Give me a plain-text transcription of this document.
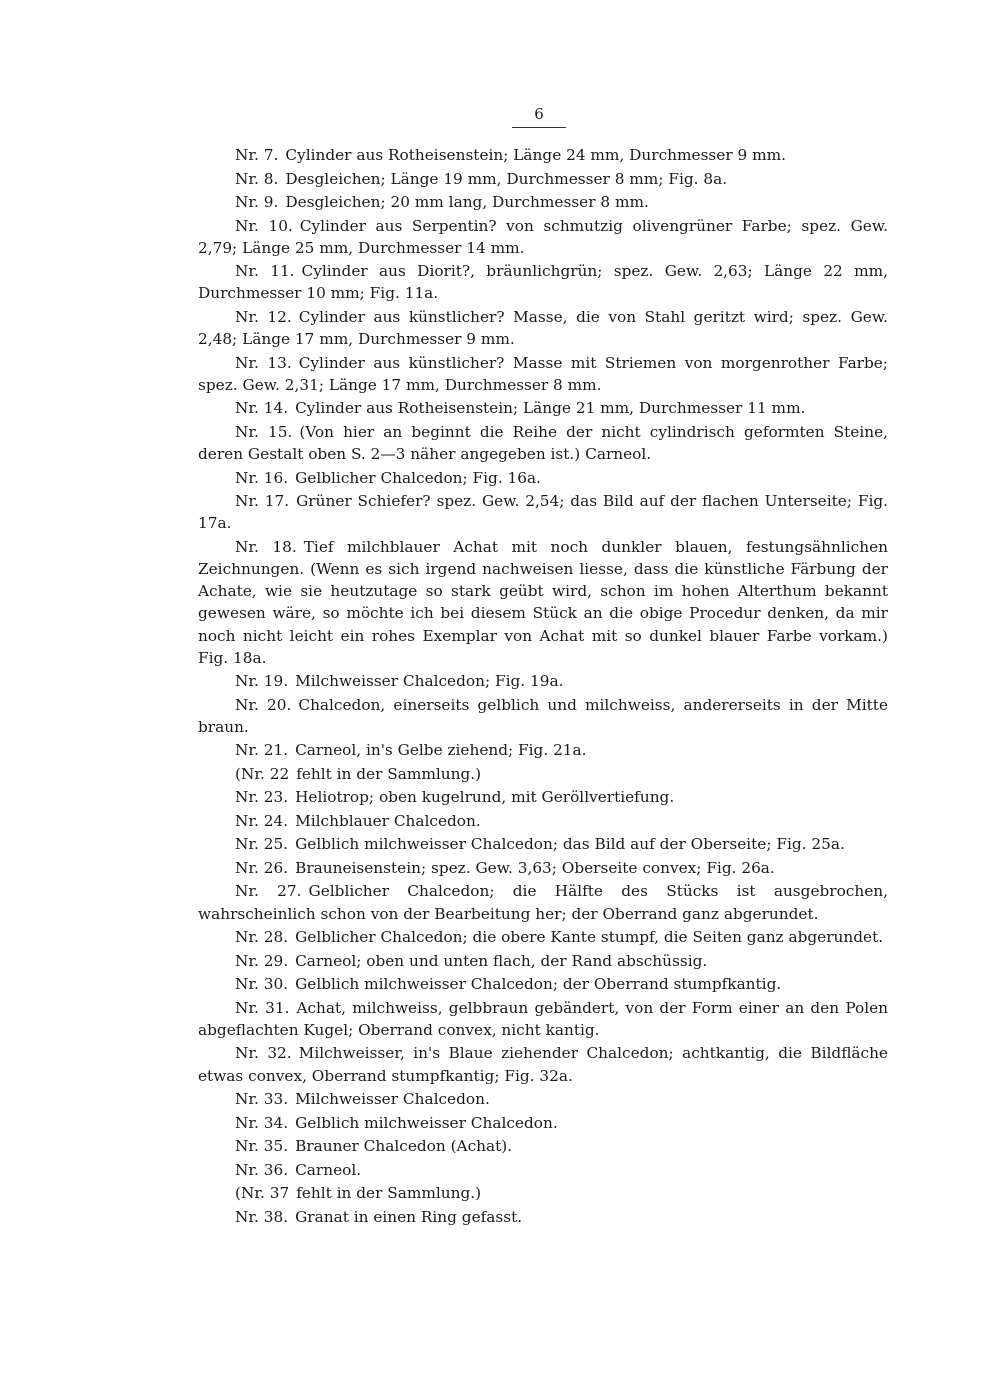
6

Nr. 7. Cylinder aus Rotheisenstein; Länge 24 mm, Durchmesser 9 mm.

Nr. 8. Desgleichen; Länge 19 mm, Durchmesser 8 mm; Fig. 8a.

Nr. 9. Desgleichen; 20 mm lang, Durchmesser 8 mm.

Nr. 10. Cylinder aus Serpentin? von schmutzig olivengrüner Farbe; spez. Gew. 2,79; Länge 25 mm, Durchmesser 14 mm.

Nr. 11. Cylinder aus Diorit?, bräunlichgrün; spez. Gew. 2,63; Länge 22 mm, Durchmesser 10 mm; Fig. 11a.

Nr. 12. Cylinder aus künstlicher? Masse, die von Stahl geritzt wird; spez. Gew. 2,48; Länge 17 mm, Durchmesser 9 mm.

Nr. 13. Cylinder aus künstlicher? Masse mit Striemen von morgenrother Farbe; spez. Gew. 2,31; Länge 17 mm, Durchmesser 8 mm.

Nr. 14. Cylinder aus Rotheisenstein; Länge 21 mm, Durchmesser 11 mm.

Nr. 15. (Von hier an beginnt die Reihe der nicht cylindrisch geformten Steine, deren Gestalt oben S. 2—3 näher angegeben ist.) Carneol.

Nr. 16. Gelblicher Chalcedon; Fig. 16a.

Nr. 17. Grüner Schiefer? spez. Gew. 2,54; das Bild auf der flachen Unterseite; Fig. 17a.

Nr. 18. Tief milchblauer Achat mit noch dunkler blauen, festungsähnlichen Zeichnungen. (Wenn es sich irgend nachweisen liesse, dass die künstliche Färbung der Achate, wie sie heutzutage so stark geübt wird, schon im hohen Alterthum bekannt gewesen wäre, so möchte ich bei diesem Stück an die obige Procedur denken, da mir noch nicht leicht ein rohes Exemplar von Achat mit so dunkel blauer Farbe vorkam.) Fig. 18a.

Nr. 19. Milchweisser Chalcedon; Fig. 19a.

Nr. 20. Chalcedon, einerseits gelblich und milchweiss, andererseits in der Mitte braun.

Nr. 21. Carneol, in's Gelbe ziehend; Fig. 21a.

(Nr. 22 fehlt in der Sammlung.)

Nr. 23. Heliotrop; oben kugelrund, mit Geröllvertiefung.

Nr. 24. Milchblauer Chalcedon.

Nr. 25. Gelblich milchweisser Chalcedon; das Bild auf der Oberseite; Fig. 25a.

Nr. 26. Brauneisenstein; spez. Gew. 3,63; Oberseite convex; Fig. 26a.

Nr. 27. Gelblicher Chalcedon; die Hälfte des Stücks ist ausgebrochen, wahrscheinlich schon von der Bearbeitung her; der Oberrand ganz abgerundet.

Nr. 28. Gelblicher Chalcedon; die obere Kante stumpf, die Seiten ganz abgerundet.

Nr. 29. Carneol; oben und unten flach, der Rand abschüssig.

Nr. 30. Gelblich milchweisser Chalcedon; der Oberrand stumpfkantig.

Nr. 31. Achat, milchweiss, gelbbraun gebändert, von der Form einer an den Polen abgeflachten Kugel; Oberrand convex, nicht kantig.

Nr. 32. Milchweisser, in's Blaue ziehender Chalcedon; achtkantig, die Bildfläche etwas convex, Oberrand stumpfkantig; Fig. 32a.

Nr. 33. Milchweisser Chalcedon.

Nr. 34. Gelblich milchweisser Chalcedon.

Nr. 35. Brauner Chalcedon (Achat).

Nr. 36. Carneol.

(Nr. 37 fehlt in der Sammlung.)

Nr. 38. Granat in einen Ring gefasst.
